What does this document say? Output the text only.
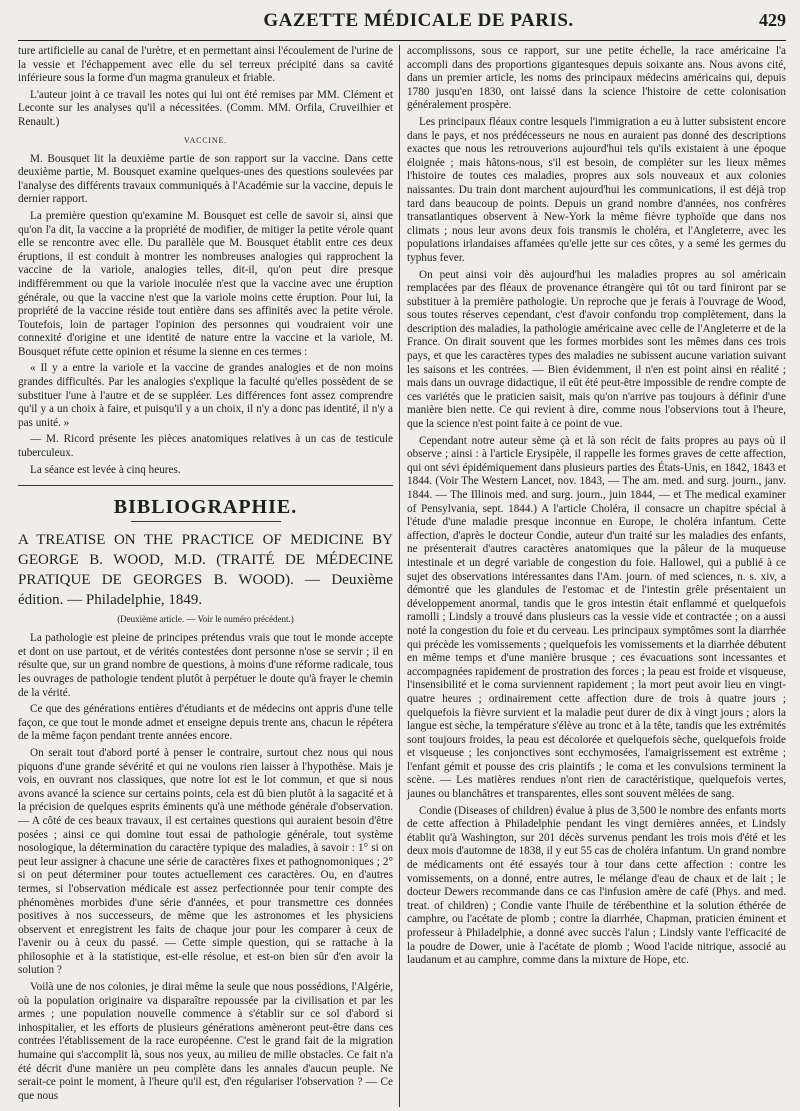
GAZETTE MÉDICALE DE PARIS.	429

ture artificielle au canal de l'urètre, et en permettant ainsi l'écoulement de l'urine de la vessie et l'échappement avec elle du sel terreux précipité dans sa cavité inférieure sous la forme d'un magma granuleux et friable.

L'auteur joint à ce travail les notes qui lui ont été remises par MM. Clément et Leconte sur les analyses qu'il a nécessitées. (Comm. MM. Orfila, Cruveilhier et Renault.)

VACCINE.

M. Bousquet lit la deuxième partie de son rapport sur la vaccine. Dans cette deuxième partie, M. Bousquet examine quelques-unes des questions soulevées par l'analyse des différents travaux communiqués à l'Académie sur la vaccine, depuis le dernier rapport.

La première question qu'examine M. Bousquet est celle de savoir si, ainsi que qu'on l'a dit, la vaccine a la propriété de modifier, de mitiger la petite vérole quant elle se rencontre avec elle. Du parallèle que M. Bousquet établit entre ces deux éruptions, il est conduit à montrer les nombreuses analogies qui rapprochent la vaccine de la variole, analogies telles, dit-il, qu'on peut dire presque indifféremment ou que la variole inoculée n'est que la vaccine avec une éruption générale, ou que la vaccine n'est que la variole moins cette éruption. Pour lui, la propriété de la vaccine réside tout entière dans ses affinités avec la petite vérole. Toutefois, loin de partager l'opinion des personnes qui voudraient voir une connexité d'origine et une identité de nature entre la vaccine et la variole, M. Bousquet réfute cette opinion et résume la sienne en ces termes :

« Il y a entre la variole et la vaccine de grandes analogies et de non moins grandes difficultés. Par les analogies s'explique la faculté qu'elles possèdent de se substituer l'une à l'autre et de se suppléer. Les différences font assez comprendre qu'il y a un choix à faire, et puisqu'il y a un choix, il n'y a donc pas identité, il n'y a pas unité. »

— M. Ricord présente les pièces anatomiques relatives à un cas de testicule tuberculeux.

La séance est levée à cinq heures.

BIBLIOGRAPHIE.

A TREATISE ON THE PRACTICE OF MEDICINE BY GEORGE B. WOOD, M.D. (TRAITÉ DE MÉDECINE PRATIQUE DE GEORGES B. WOOD). — Deuxième édition. — Philadelphie, 1849.

(Deuxième article. — Voir le numéro précédent.)

La pathologie est pleine de principes prétendus vrais que tout le monde accepte et dont on use partout, et de vérités contestées dont personne n'ose se servir ; il en résulte que, sur un grand nombre de questions, à moins d'une réforme radicale, tous les ouvrages de pathologie tendent plutôt à perpétuer le doute qu'à frayer le chemin de la vérité.

Ce que des générations entières d'étudiants et de médecins ont appris d'une telle façon, ce que tout le monde admet et enseigne depuis trente ans, chacun le répétera de la même façon pendant trente années encore.

On serait tout d'abord porté à penser le contraire, surtout chez nous qui nous piquons d'une grande sévérité et qui ne voulons rien laisser à l'hypothèse. Mais je vois, en ouvrant nos classiques, que notre lot est le lot commun, et que si nous avons avancé la science sur certains points, cela est dû bien plutôt à la sagacité et à la précision de quelques esprits éminents qu'à une méthode générale d'observation. — A côté de ces beaux travaux, il est certaines questions qui auraient besoin d'être posées ; ainsi ce qui domine tout essai de pathologie générale, tout système nosologique, la détermination du caractère typique des maladies, à savoir : 1° si on peut leur assigner à chacune une série de caractères fixes et pathognomoniques ; 2° si on peut déterminer pour toutes actuellement ces caractères. Ou, en d'autres termes, si l'observation médicale est assez perfectionnée pour tenir compte des phénomènes morbides d'une série d'années, et pour transmettre ces données positives à nos successeurs, de même que les astronomes et les physiciens observent et enregistrent les faits de chaque jour pour les comparer à ceux de l'avenir ou à ceux du passé. — Cette simple question, qui se rattache à la philosophie et à la statistique, est-elle résolue, et est-on bien sûr d'en avoir la solution ?

Voilà une de nos colonies, je dirai même la seule que nous possédions, l'Algérie, où la population originaire va disparaître repoussée par la civilisation et par les armes ; une population nouvelle commence à s'établir sur ce sol d'abord si inhospitalier, et les efforts de plusieurs générations amèneront peut-être dans ces contrées l'établissement de la race européenne. C'est le grand fait de la migration humaine qui s'accomplit là, sous nos yeux, au milieu de mille obstacles. Ce fait n'a été décrit d'une manière un peu complète dans les annales d'aucun peuple. Ne serait-ce point le moment, à l'heure qu'il est, d'en régulariser l'observation ? — Ce que nous

accomplissons, sous ce rapport, sur une petite échelle, la race américaine l'a accompli dans des proportions gigantesques depuis soixante ans. Nous avons cité, dans un premier article, les noms des principaux médecins américains qui, depuis 1780 jusqu'en 1830, ont laissé dans la science l'histoire de cette colonisation généralement prospère.

Les principaux fléaux contre lesquels l'immigration a eu à lutter subsistent encore dans le pays, et nos prédécesseurs ne nous en auraient pas donné des descriptions exactes que nous les retrouverions aujourd'hui tels qu'ils existaient à une époque éloignée ; mais hâtons-nous, s'il est besoin, de compléter sur les lieux mêmes l'histoire de toutes ces maladies, propres aux sols nouveaux et aux colonies naissantes. Du train dont marchent aujourd'hui les communications, il est déjà trop tard dans beaucoup de points. Depuis un grand nombre d'années, nos confrères transatlantiques observent à New-York la même fièvre typhoïde que dans nos climats ; nous leur avons deux fois transmis le choléra, et l'Angleterre, avec les populations irlandaises affamées qu'elle jette sur ces côtes, y a semé les germes du typhus fever.

On peut ainsi voir dès aujourd'hui les maladies propres au sol américain remplacées par des fléaux de provenance étrangère qui tôt ou tard finiront par se substituer à la première pathologie. Un reproche que je ferais à l'ouvrage de Wood, sous toutes réserves cependant, c'est d'avoir confondu trop complètement, dans la description des maladies, la pathologie américaine avec celle de l'Angleterre et de la France. On dirait souvent que les formes morbides sont les mêmes dans ces trois pays, et que les caractères types des maladies ne subissent aucune variation suivant les saisons et les contrées. — Bien évidemment, il n'en est point ainsi en réalité ; mais dans un ouvrage didactique, il eût été peut-être impossible de rendre compte de ces variétés que le praticien saisit, mais qu'on n'arrive pas toujours à définir d'une manière bien nette. Ce qui revient à dire, comme nous l'observions tout à l'heure, que la science n'est point faite à ce point de vue.

Cependant notre auteur sème çà et là son récit de faits propres au pays où il observe ; ainsi : à l'article Erysipèle, il rappelle les formes graves de cette affection, qui ont sévi épidémiquement dans plusieurs parties des États-Unis, en 1842, 1843 et 1844. (Voir The Western Lancet, nov. 1843, — The am. med. and surg. journ., janv. 1844. — The Illinois med. and surg. journ., juin 1844, — et The medical examiner of Pensylvania, sept. 1844.) A l'article Choléra, il consacre un chapitre spécial à l'étude d'une maladie presque inconnue en Europe, le choléra infantum. Cette affection, d'après le docteur Condie, auteur d'un traité sur les maladies des enfants, ne présenterait d'autres caractères anatomiques que la pâleur de la muqueuse intestinale et un degré variable de congestion du foie. Hallowel, qui a publié à ce sujet des observations intéressantes dans l'Am. journ. of med sciences, n. s. xiv, a démontré que les glandules de l'estomac et de l'intestin grêle présentaient un développement anormal, tandis que le gros intestin était enflammé et quelquefois ramolli ; Lindsly a trouvé dans plusieurs cas la vessie vide et contractée ; on a aussi noté la congestion du foie et du cerveau. Les principaux symptômes sont la diarrhée qui précède les vomissements ; quelquefois les vomissements et la diarrhée débutent en même temps et d'une manière brusque ; ces évacuations sont incessantes et accompagnées rapidement de prostration des forces ; la peau est froide et visqueuse, l'insensibilité et le coma surviennent rapidement ; la mort peut avoir lieu en vingt-quatre heures ; ordinairement cette affection dure de trois à quatre jours ; quelquefois la fièvre survient et la maladie peut durer de dix à vingt jours ; alors la langue est sèche, la température s'élève au tronc et à la tête, tandis que les extrémités sont toujours froides, la peau est décolorée et quelquefois sèche, quelquefois froide et visqueuse ; les conjonctives sont ecchymosées, l'amaigrissement est extrême ; l'enfant gémit et pousse des cris plaintifs ; le coma et les convulsions terminent la scène. — Les matières rendues n'ont rien de caractéristique, quelquefois vertes, jaunes ou blanchâtres et transparentes, elles sont souvent mêlées de sang.

Condie (Diseases of children) évalue à plus de 3,500 le nombre des enfants morts de cette affection à Philadelphie pendant les vingt dernières années, et Lindsly établit qu'à Washington, sur 201 décès survenus pendant les trois mois d'été et les deux mois d'automne de 1838, il y eut 55 cas de choléra infantum. Un grand nombre de médicaments ont été essayés tour à tour dans cette affection : contre les vomissements, on a donné, entre autres, le mélange d'eau de chaux et de lait ; le docteur Dewers recommande dans ce cas l'infusion amère de café (Phys. and med. treat. of children) ; Condie vante l'huile de térébenthine et la solution éthérée de camphre, ou l'acétate de plomb ; contre la diarrhée, Chapman, praticien éminent et professeur à Philadelphie, a donné avec succès l'alun ; Lindsly vante l'efficacité de la poudre de Dower, unie à l'acétate de plomb ; Wood l'acide nitrique, associé au laudanum et au camphre, comme dans la mixture de Hope, etc.
